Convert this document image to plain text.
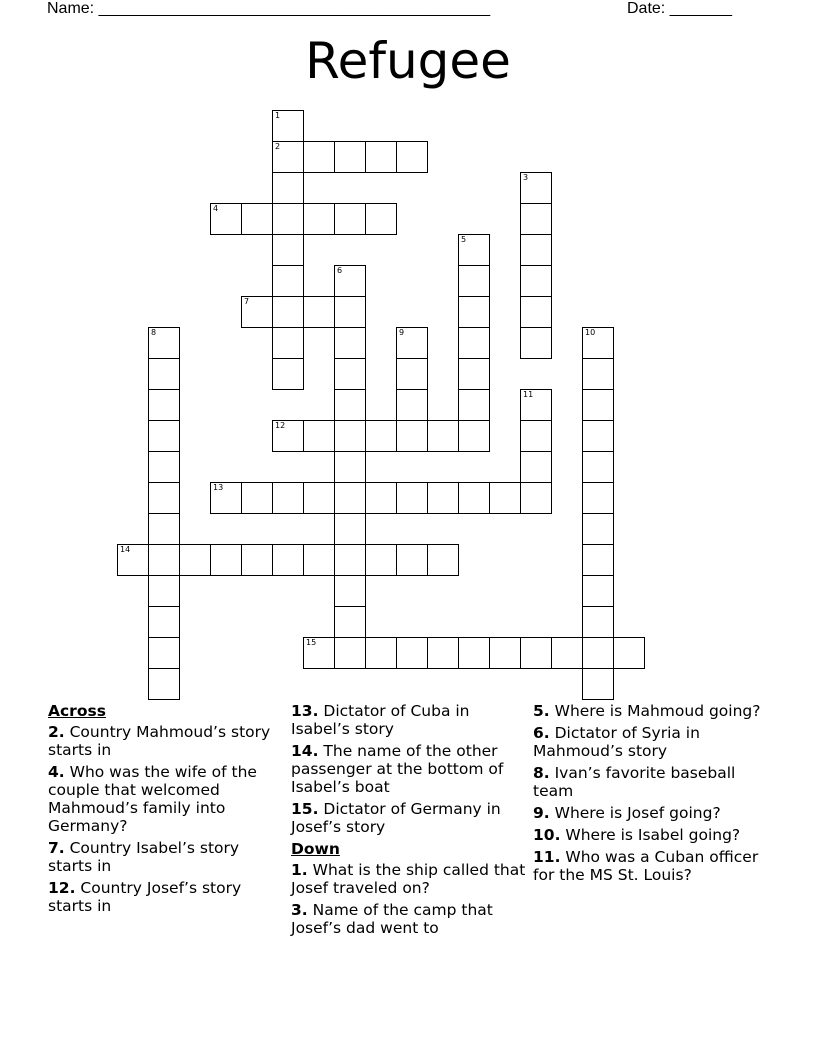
Name: ____________________________________________	Date: _______
Refugee
1
2
3
4
5
6
7
8	9	10
11
12
13
14
15
Across
2. Country Mahmoud’s story starts in
4. Who was the wife of the couple that welcomed Mahmoud’s family into Germany?
7. Country Isabel’s story starts in
12. Country Josef’s story starts in
13. Dictator of Cuba in Isabel’s story
14. The name of the other passenger at the bottom of Isabel’s boat
15. Dictator of Germany in Josef’s story
Down
1. What is the ship called that Josef traveled on?
3. Name of the camp that Josef’s dad went to
5. Where is Mahmoud going?
6. Dictator of Syria in Mahmoud’s story
8. Ivan’s favorite baseball team
9. Where is Josef going?
10. Where is Isabel going?
11. Who was a Cuban officer for the MS St. Louis?
